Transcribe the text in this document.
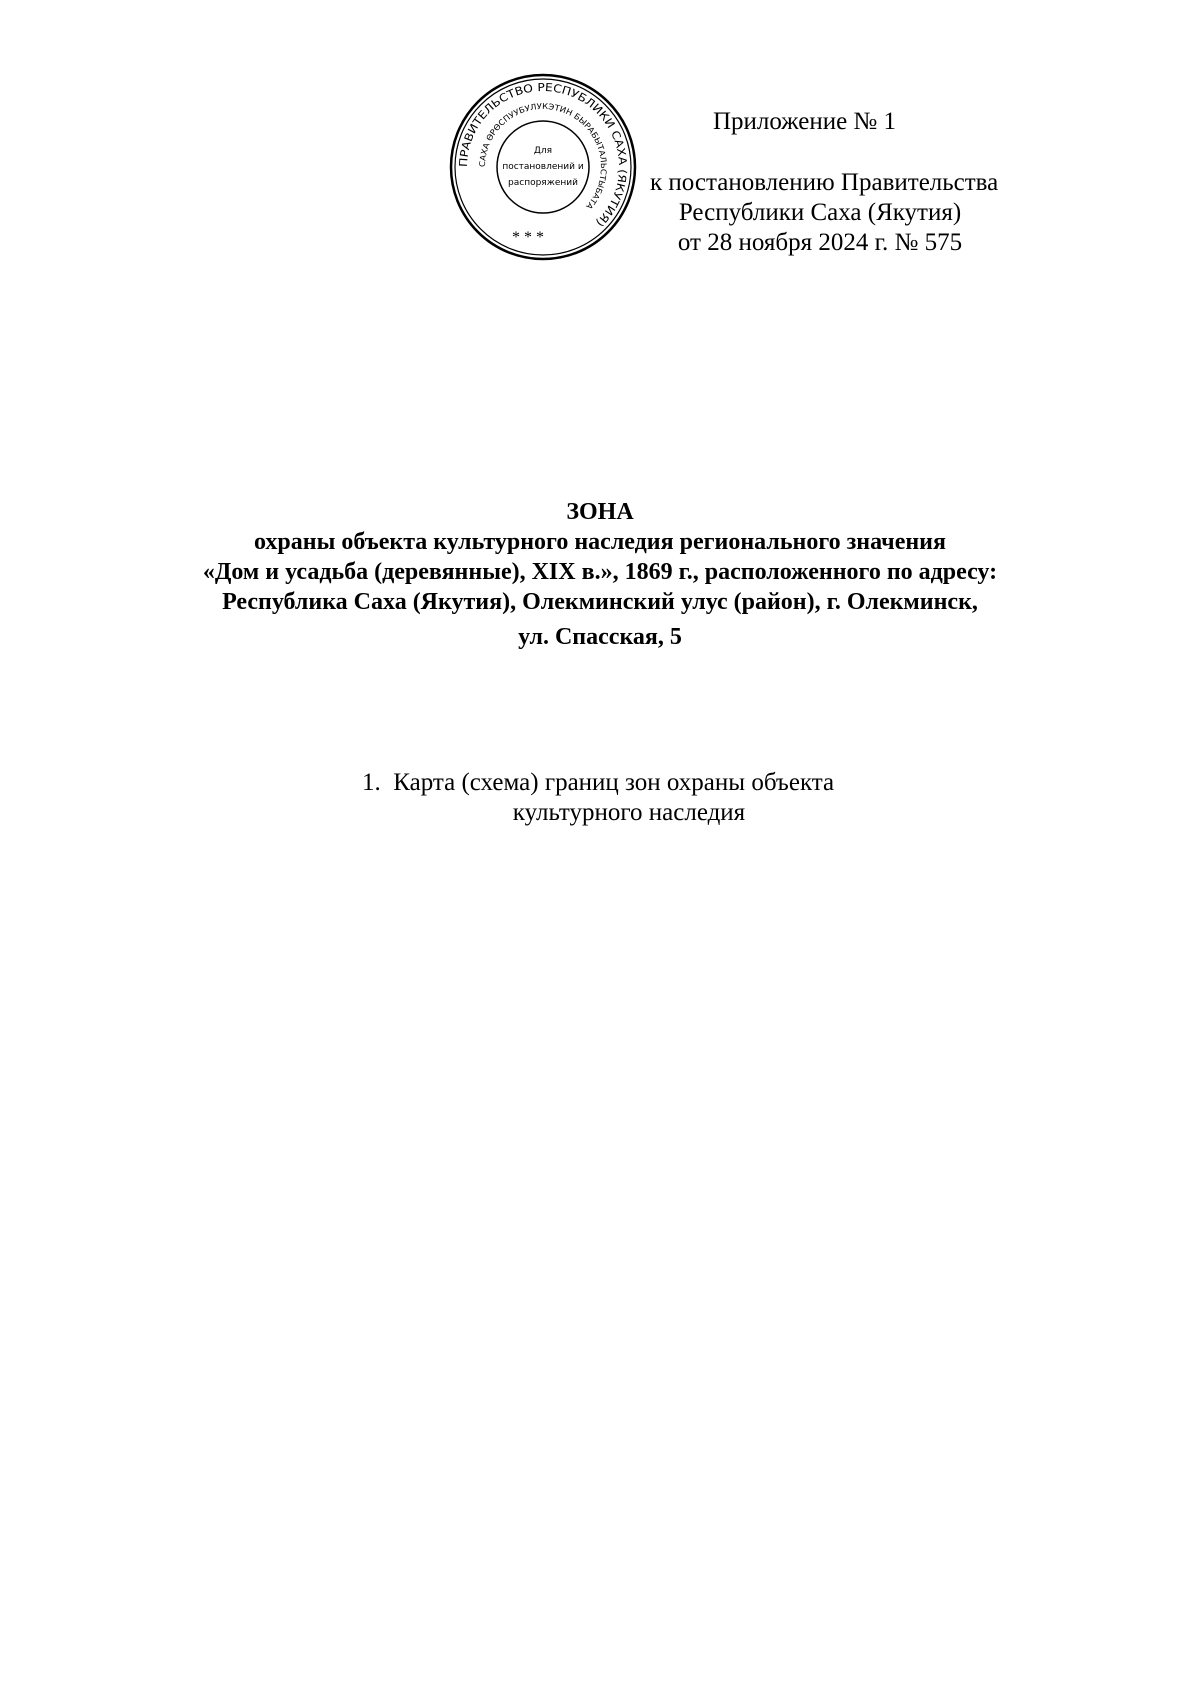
ПРАВИТЕЛЬСТВО РЕСПУБЛИКИ САХА (ЯКУТИЯ)
САХА ӨРӨСПУУБУЛУКЭТИН БЫРАБЫТАЛЬСТЫБАТА
Для
постановлений и
распоряжений
* * *
Приложение № 1
к постановлению Правительства
Республики Саха (Якутия)
от 28 ноября 2024 г. № 575
ЗОНА
охраны объекта культурного наследия регионального значения
«Дом и усадьба (деревянные), XIX в.», 1869 г., расположенного по адресу:
Республика Саха (Якутия), Олекминский улус (район), г. Олекминск,
ул. Спасская, 5
1. Карта (схема) границ зон охраны объекта
культурного наследия
